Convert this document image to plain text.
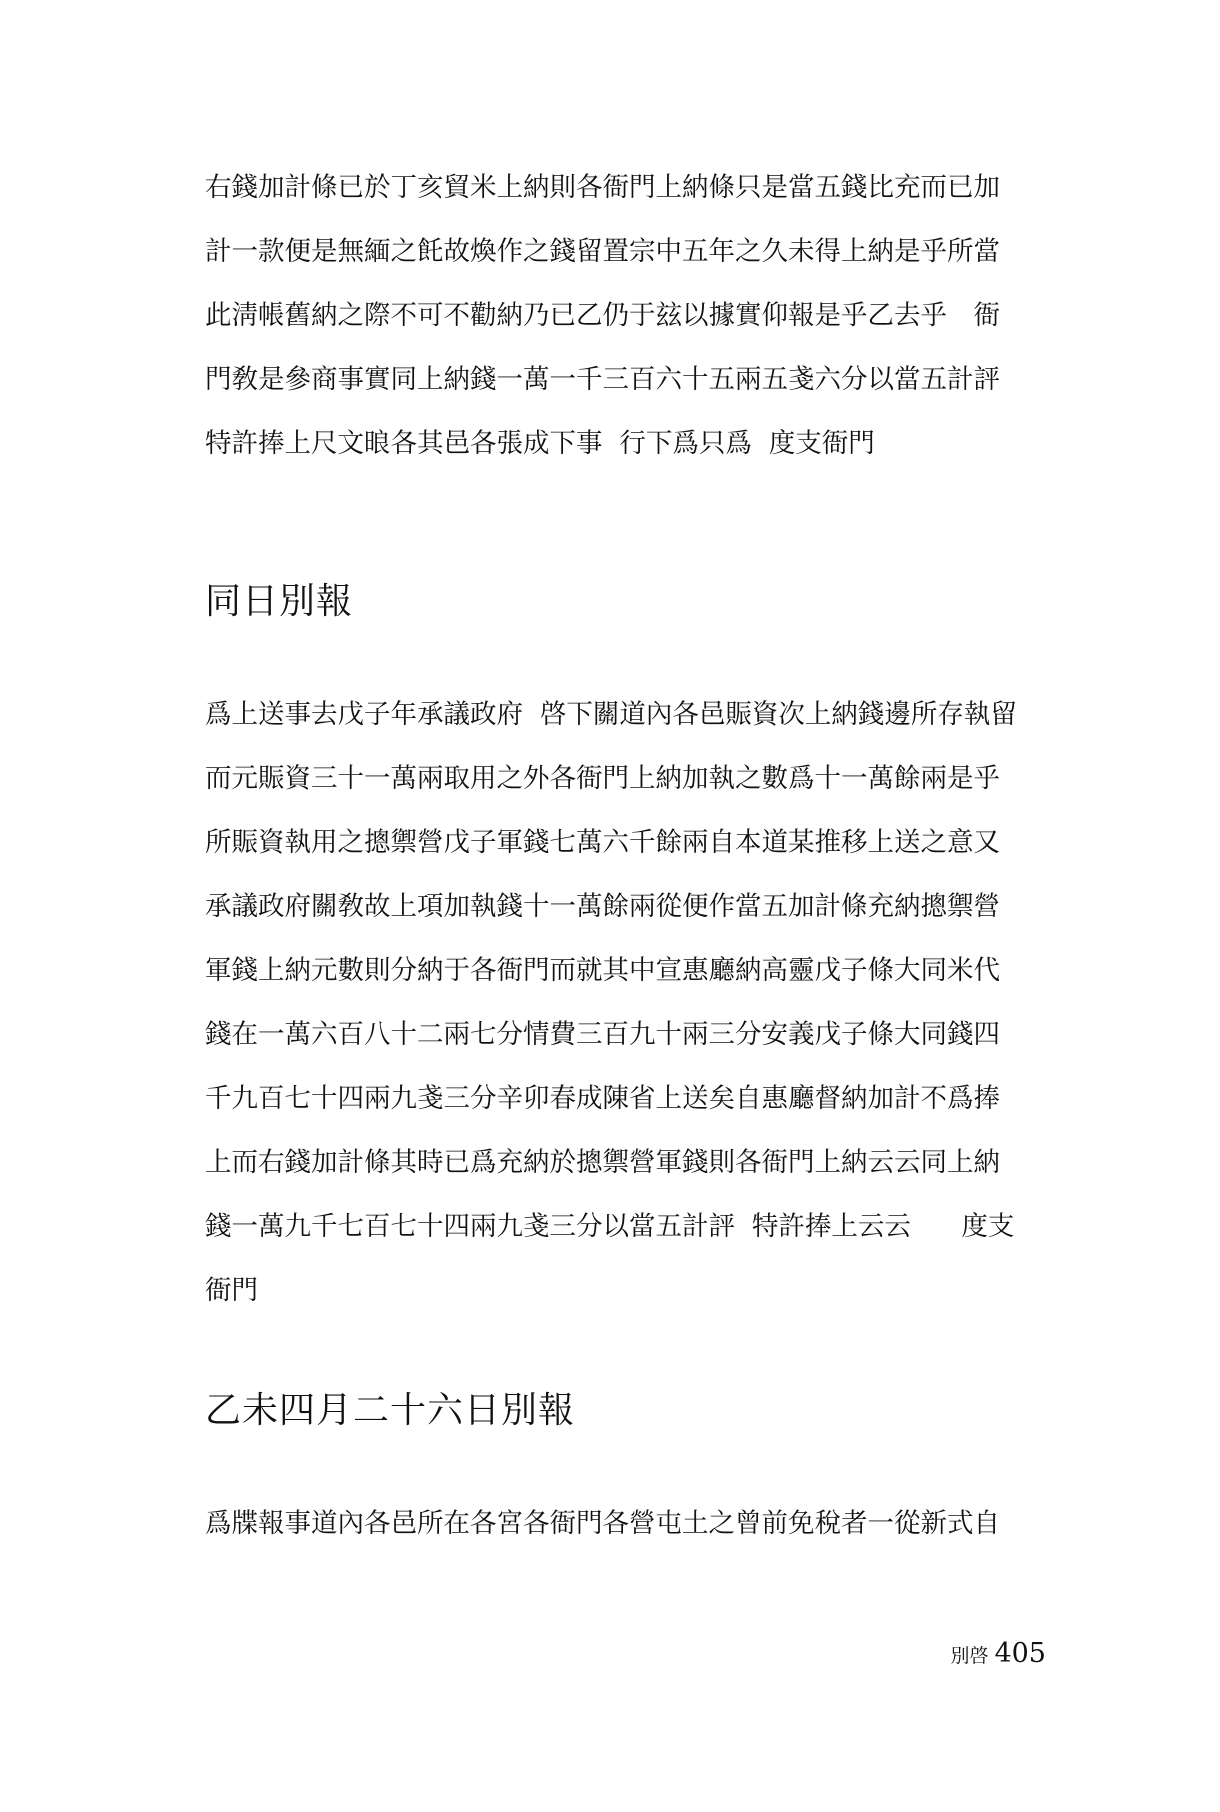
右錢加計條已於丁亥貿米上納則各衙門上納條只是當五錢比充而已加
計一款便是無緬之飥故煥作之錢留置宗中五年之久未得上納是乎所當
此淸帳舊納之際不可不勸納乃已乙仍于玆以據實仰報是乎乙去乎　衙
門敎是參商事實同上納錢一萬一千三百六十五兩五戔六分以當五計評
特許捧上尺文㫰各其邑各張成下事  行下爲只爲  度支衙門
同日別報
爲上送事去戊子年承議政府  啓下關道內各邑賑資次上納錢邊所存執留
而元賑資三十一萬兩取用之外各衙門上納加執之數爲十一萬餘兩是乎
所賑資執用之摠禦營戊子軍錢七萬六千餘兩自本道某推移上送之意又
承議政府關敎故上項加執錢十一萬餘兩從便作當五加計條充納摠禦營
軍錢上納元數則分納于各衙門而就其中宣惠廳納高靈戊子條大同米代
錢在一萬六百八十二兩七分情費三百九十兩三分安義戊子條大同錢四
千九百七十四兩九戔三分辛卯春成陳省上送矣自惠廳督納加計不爲捧
上而右錢加計條其時已爲充納於摠禦營軍錢則各衙門上納云云同上納
錢一萬九千七百七十四兩九戔三分以當五計評  特許捧上云云      度支
衙門
乙未四月二十六日別報
爲牒報事道內各邑所在各宮各衙門各營屯土之曾前免稅者一從新式自
別啓 405
